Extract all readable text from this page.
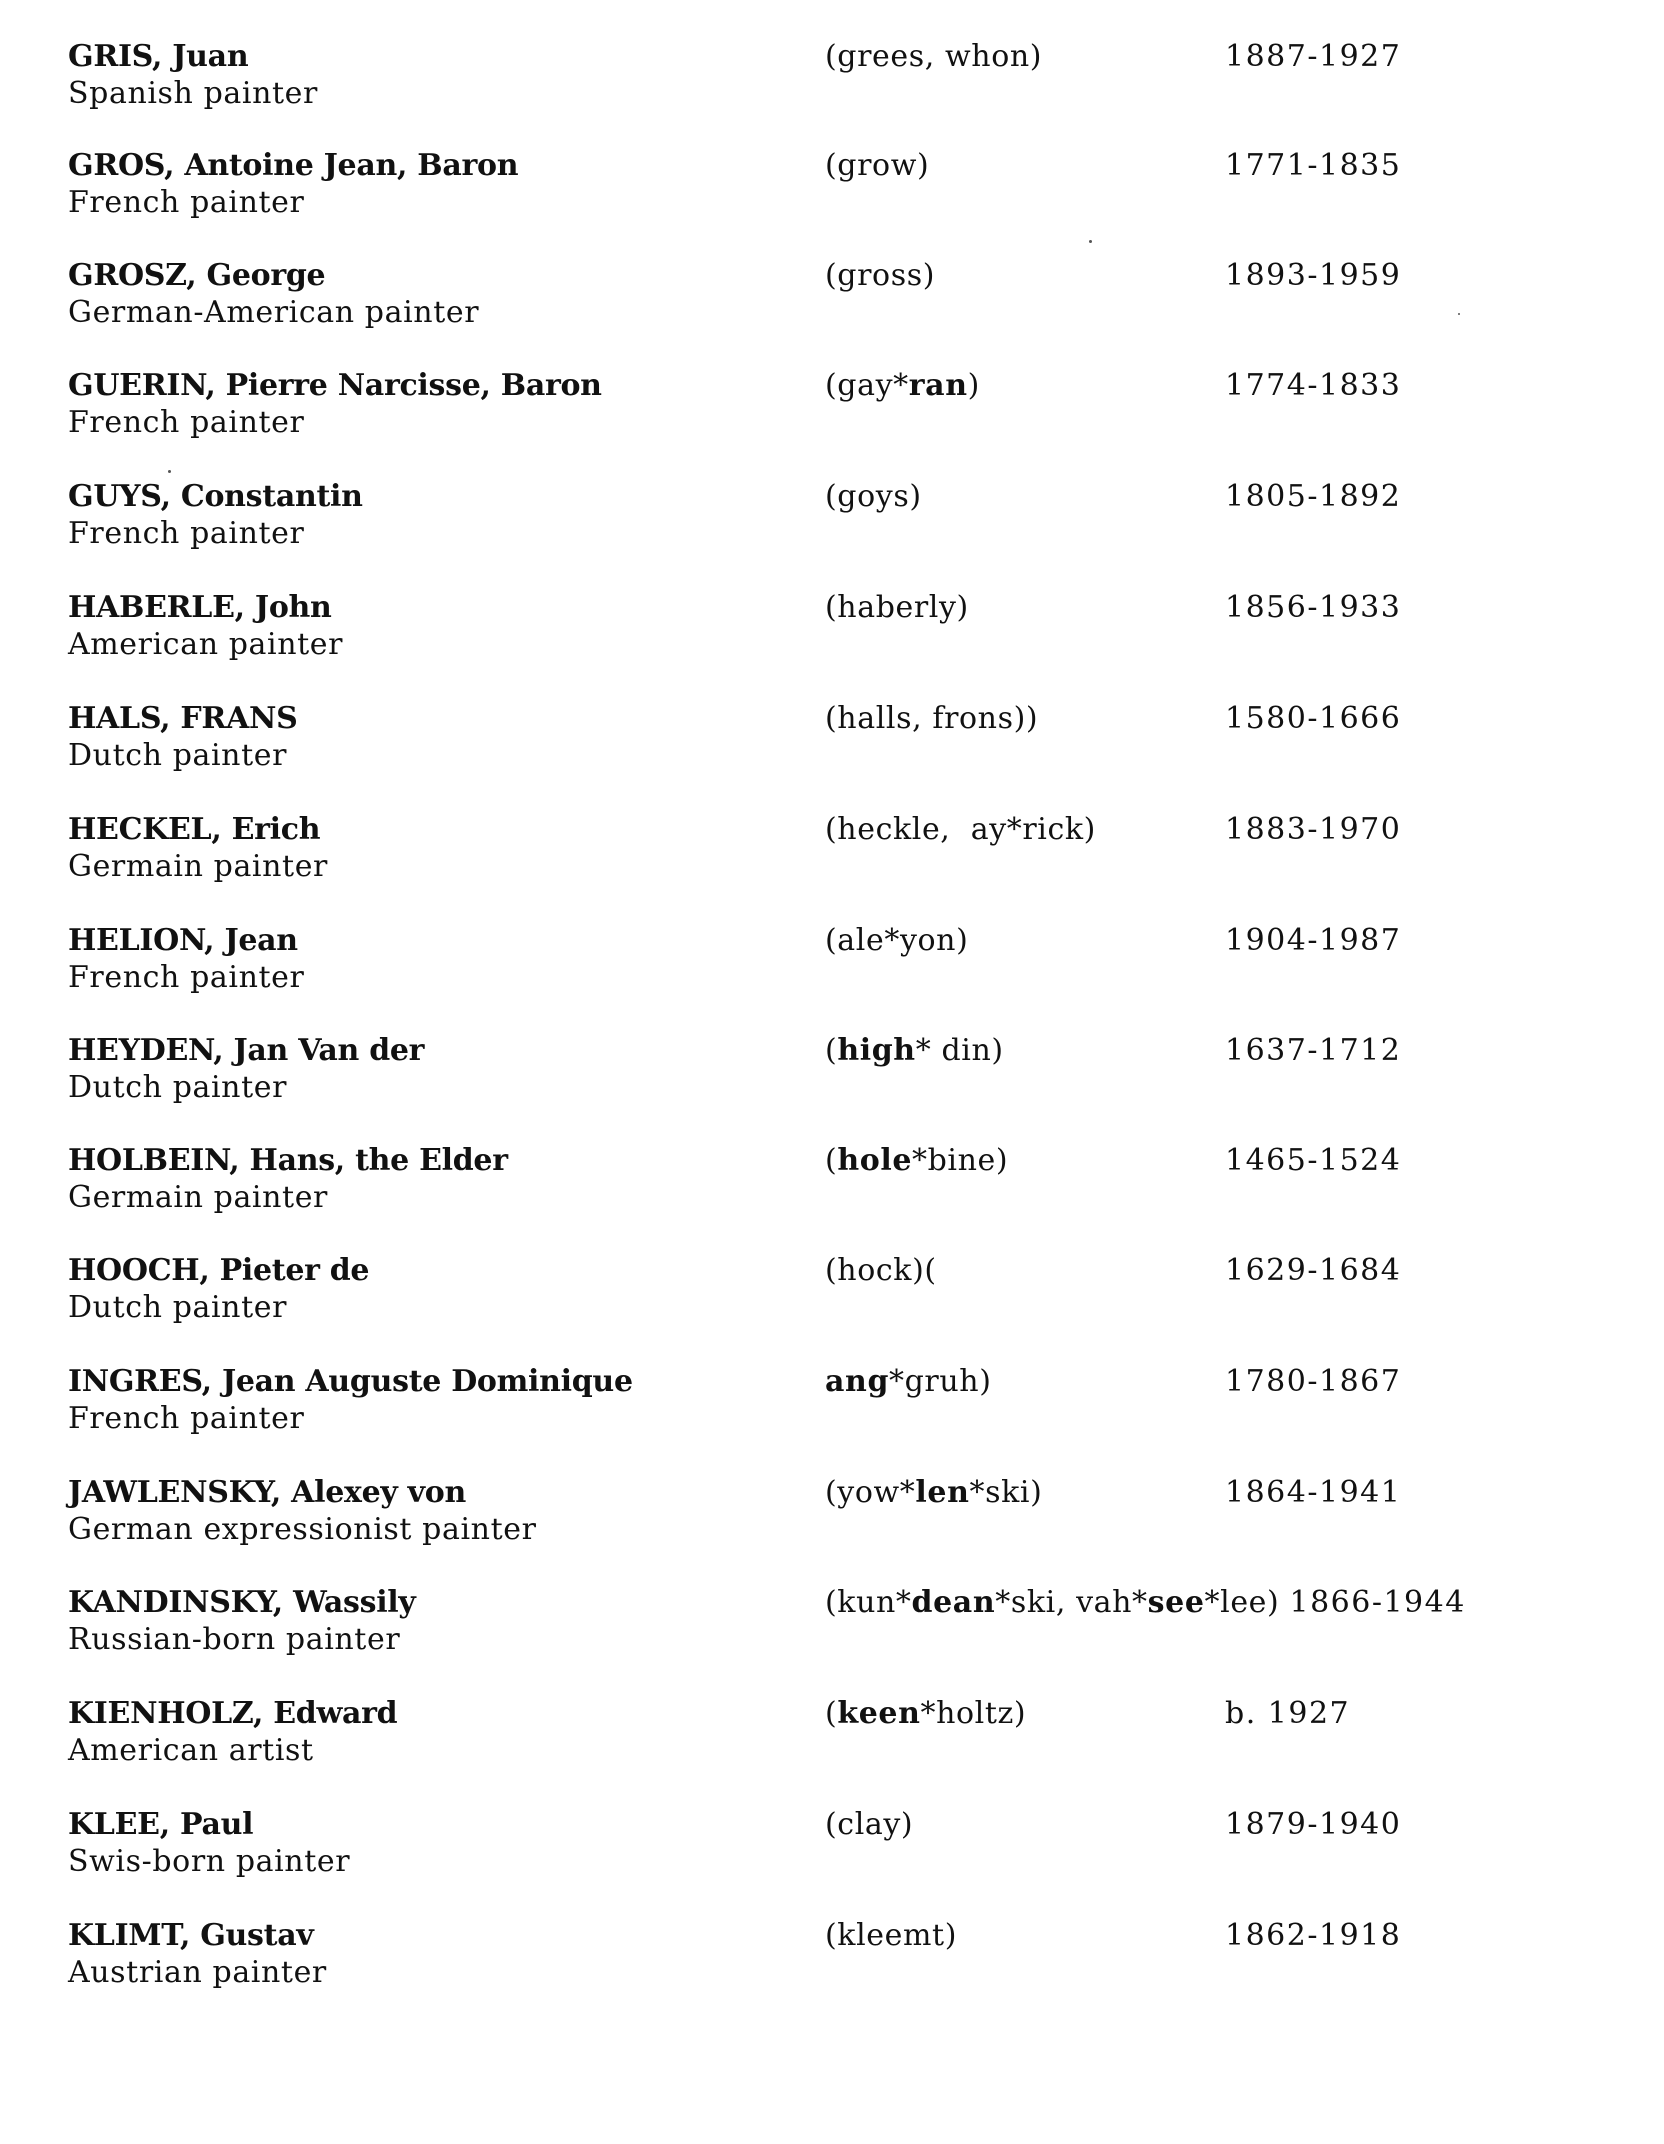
GRIS, Juan
Spanish painter
(grees, whon)	1887-1927
GROS, Antoine Jean, Baron
French painter
(grow)	1771-1835
GROSZ, George
German-American painter
(gross)	1893-1959
GUERIN, Pierre Narcisse, Baron
French painter
(gay*ran)	1774-1833
GUYS, Constantin
French painter
(goys)	1805-1892
HABERLE, John
American painter
(haberly)	1856-1933
HALS, FRANS
Dutch painter
(halls, frons))	1580-1666
HECKEL, Erich
Germain painter
(heckle,  ay*rick)	1883-1970
HELION, Jean
French painter
(ale*yon)	1904-1987
HEYDEN, Jan Van der
Dutch painter
(high* din)	1637-1712
HOLBEIN, Hans, the Elder
Germain painter
(hole*bine)	1465-1524
HOOCH, Pieter de
Dutch painter
(hock)(	1629-1684
INGRES, Jean Auguste Dominique
French painter
ang*gruh)	1780-1867
JAWLENSKY, Alexey von
German expressionist painter
(yow*len*ski)	1864-1941
KANDINSKY, Wassily
Russian-born painter
(kun*dean*ski, vah*see*lee) 1866-1944
KIENHOLZ, Edward
American artist
(keen*holtz)	b. 1927
KLEE, Paul
Swis-born painter
(clay)	1879-1940
KLIMT, Gustav
Austrian painter
(kleemt)	1862-1918
